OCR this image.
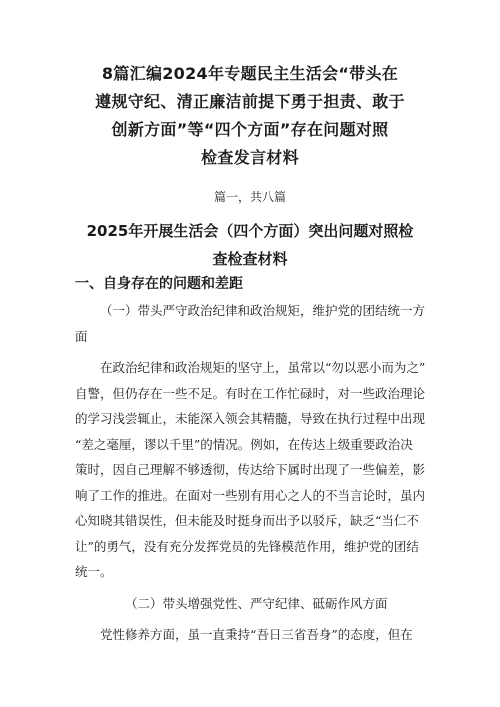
8篇汇编2024年专题民主生活会“带头在
遵规守纪、清正廉洁前提下勇于担责、敢于
创新方面”等“四个方面”存在问题对照
检查发言材料
篇一，共八篇
2025年开展生活会（四个方面）突出问题对照检
查检查材料
一、自身存在的问题和差距
（一）带头严守政治纪律和政治规矩，维护党的团结统一方
面
在政治纪律和政治规矩的坚守上，虽常以“勿以恶小而为之”
自警，但仍存在一些不足。有时在工作忙碌时，对一些政治理论
的学习浅尝辄止，未能深入领会其精髓，导致在执行过程中出现
“差之毫厘，谬以千里”的情况。例如，在传达上级重要政治决
策时，因自己理解不够透彻，传达给下属时出现了一些偏差，影
响了工作的推进。在面对一些别有用心之人的不当言论时，虽内
心知晓其错误性，但未能及时挺身而出予以驳斥，缺乏“当仁不
让”的勇气，没有充分发挥党员的先锋模范作用，维护党的团结
统一。
（二）带头增强党性、严守纪律、砥砺作风方面
党性修养方面，虽一直秉持“吾日三省吾身”的态度，但在
